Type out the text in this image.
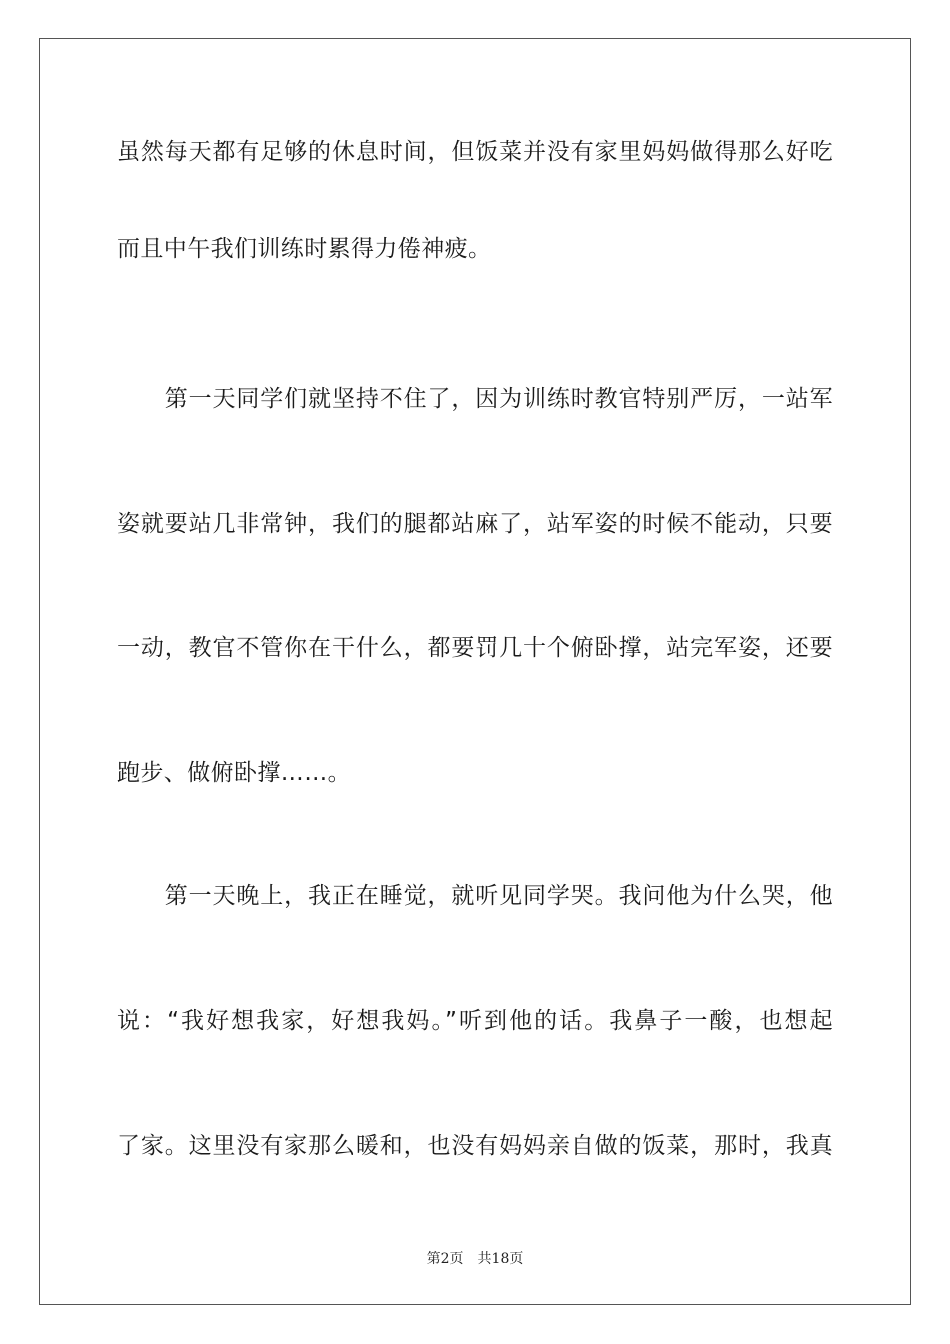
虽然每天都有足够的休息时间，但饭菜并没有家里妈妈做得那么好吃
而且中午我们训练时累得力倦神疲。
　　第一天同学们就坚持不住了，因为训练时教官特别严厉，一站军
姿就要站几非常钟，我们的腿都站麻了，站军姿的时候不能动，只要
一动，教官不管你在干什么，都要罚几十个俯卧撑，站完军姿，还要
跑步、做俯卧撑……。
　　第一天晚上，我正在睡觉，就听见同学哭。我问他为什么哭，他
说：“我好想我家，好想我妈。”听到他的话。我鼻子一酸，也想起
了家。这里没有家那么暖和，也没有妈妈亲自做的饭菜，那时，我真
第2页 共18页
